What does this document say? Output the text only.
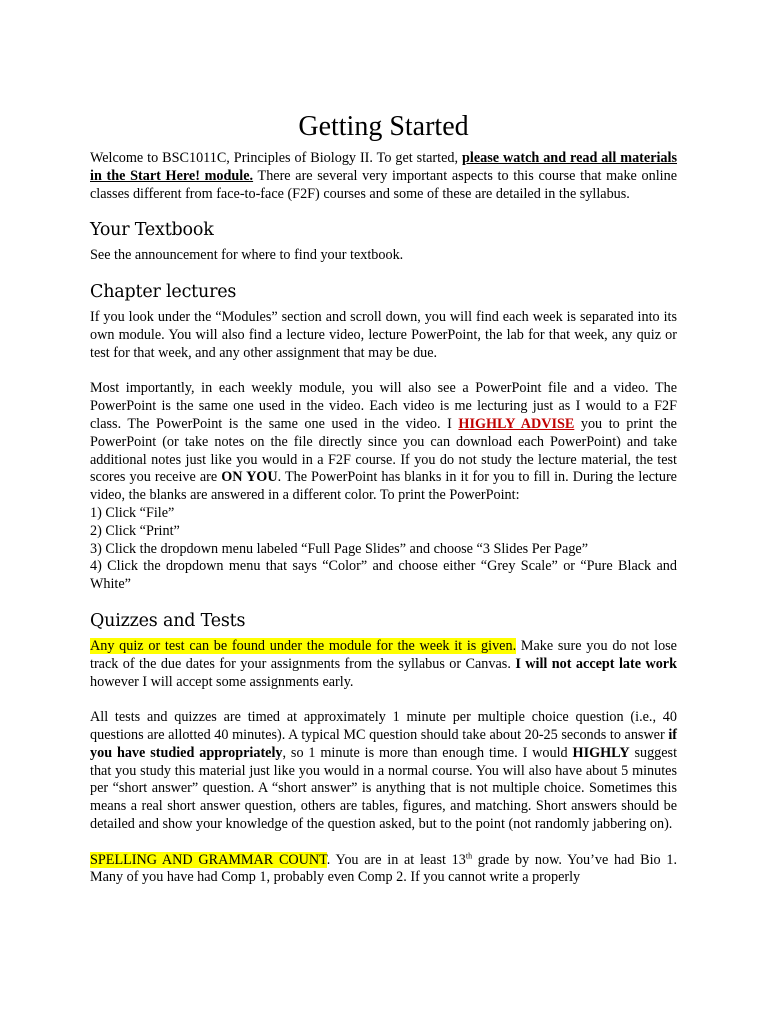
Getting Started

Welcome to BSC1011C, Principles of Biology II. To get started, please watch and read all materials in the Start Here! module. There are several very important aspects to this course that make online classes different from face-to-face (F2F) courses and some of these are detailed in the syllabus.

Your Textbook

See the announcement for where to find your textbook.

Chapter lectures

If you look under the “Modules” section and scroll down, you will find each week is separated into its own module. You will also find a lecture video, lecture PowerPoint, the lab for that week, any quiz or test for that week, and any other assignment that may be due.

Most importantly, in each weekly module, you will also see a PowerPoint file and a video. The PowerPoint is the same one used in the video. Each video is me lecturing just as I would to a F2F class. The PowerPoint is the same one used in the video. I HIGHLY ADVISE you to print the PowerPoint (or take notes on the file directly since you can download each PowerPoint) and take additional notes just like you would in a F2F course. If you do not study the lecture material, the test scores you receive are ON YOU. The PowerPoint has blanks in it for you to fill in. During the lecture video, the blanks are answered in a different color. To print the PowerPoint:

1) Click “File”

2) Click “Print”

3) Click the dropdown menu labeled “Full Page Slides” and choose “3 Slides Per Page”

4) Click the dropdown menu that says “Color” and choose either “Grey Scale” or “Pure Black and White”

Quizzes and Tests

Any quiz or test can be found under the module for the week it is given. Make sure you do not lose track of the due dates for your assignments from the syllabus or Canvas. I will not accept late work however I will accept some assignments early.

All tests and quizzes are timed at approximately 1 minute per multiple choice question (i.e., 40 questions are allotted 40 minutes). A typical MC question should take about 20-25 seconds to answer if you have studied appropriately, so 1 minute is more than enough time. I would HIGHLY suggest that you study this material just like you would in a normal course. You will also have about 5 minutes per “short answer” question. A “short answer” is anything that is not multiple choice. Sometimes this means a real short answer question, others are tables, figures, and matching. Short answers should be detailed and show your knowledge of the question asked, but to the point (not randomly jabbering on).

SPELLING AND GRAMMAR COUNT. You are in at least 13th grade by now. You’ve had Bio 1. Many of you have had Comp 1, probably even Comp 2. If you cannot write a properly
